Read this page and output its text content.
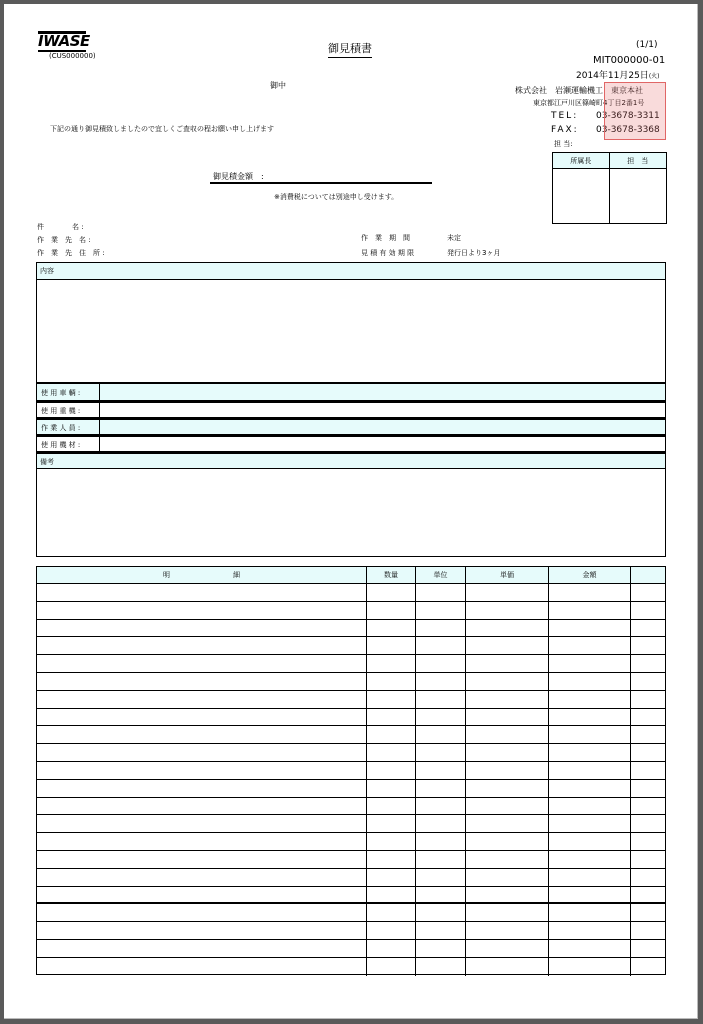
IWASE
(CUS000000)
御見積書	(1/1)
MIT000000-01
2014年11月25日(火)
御中
株式会社　岩瀬運輸機工　東京本社
東京都江戸川区篠崎町4丁目2番1号
TEL: 03-3678-3311
FAX: 03-3678-3368
担 当:
下記の通り御見積致しましたので宜しくご査収の程お願い申し上げます
所属長	担　当
御見積金額　:
※消費税については別途申し受けます。
件　　　　名 :
作　業　先　名 :
作　業　先　住　所 :
作　業　期　間	未定
見 積 有 効 期 限	発行日より3ヶ月
内容
使 用 車 輌 :
使 用 重 機 :
作 業 人 員 :
使 用 機 材 :
備考
明　　　　　　　　　細	数量	単位	単価	金額
